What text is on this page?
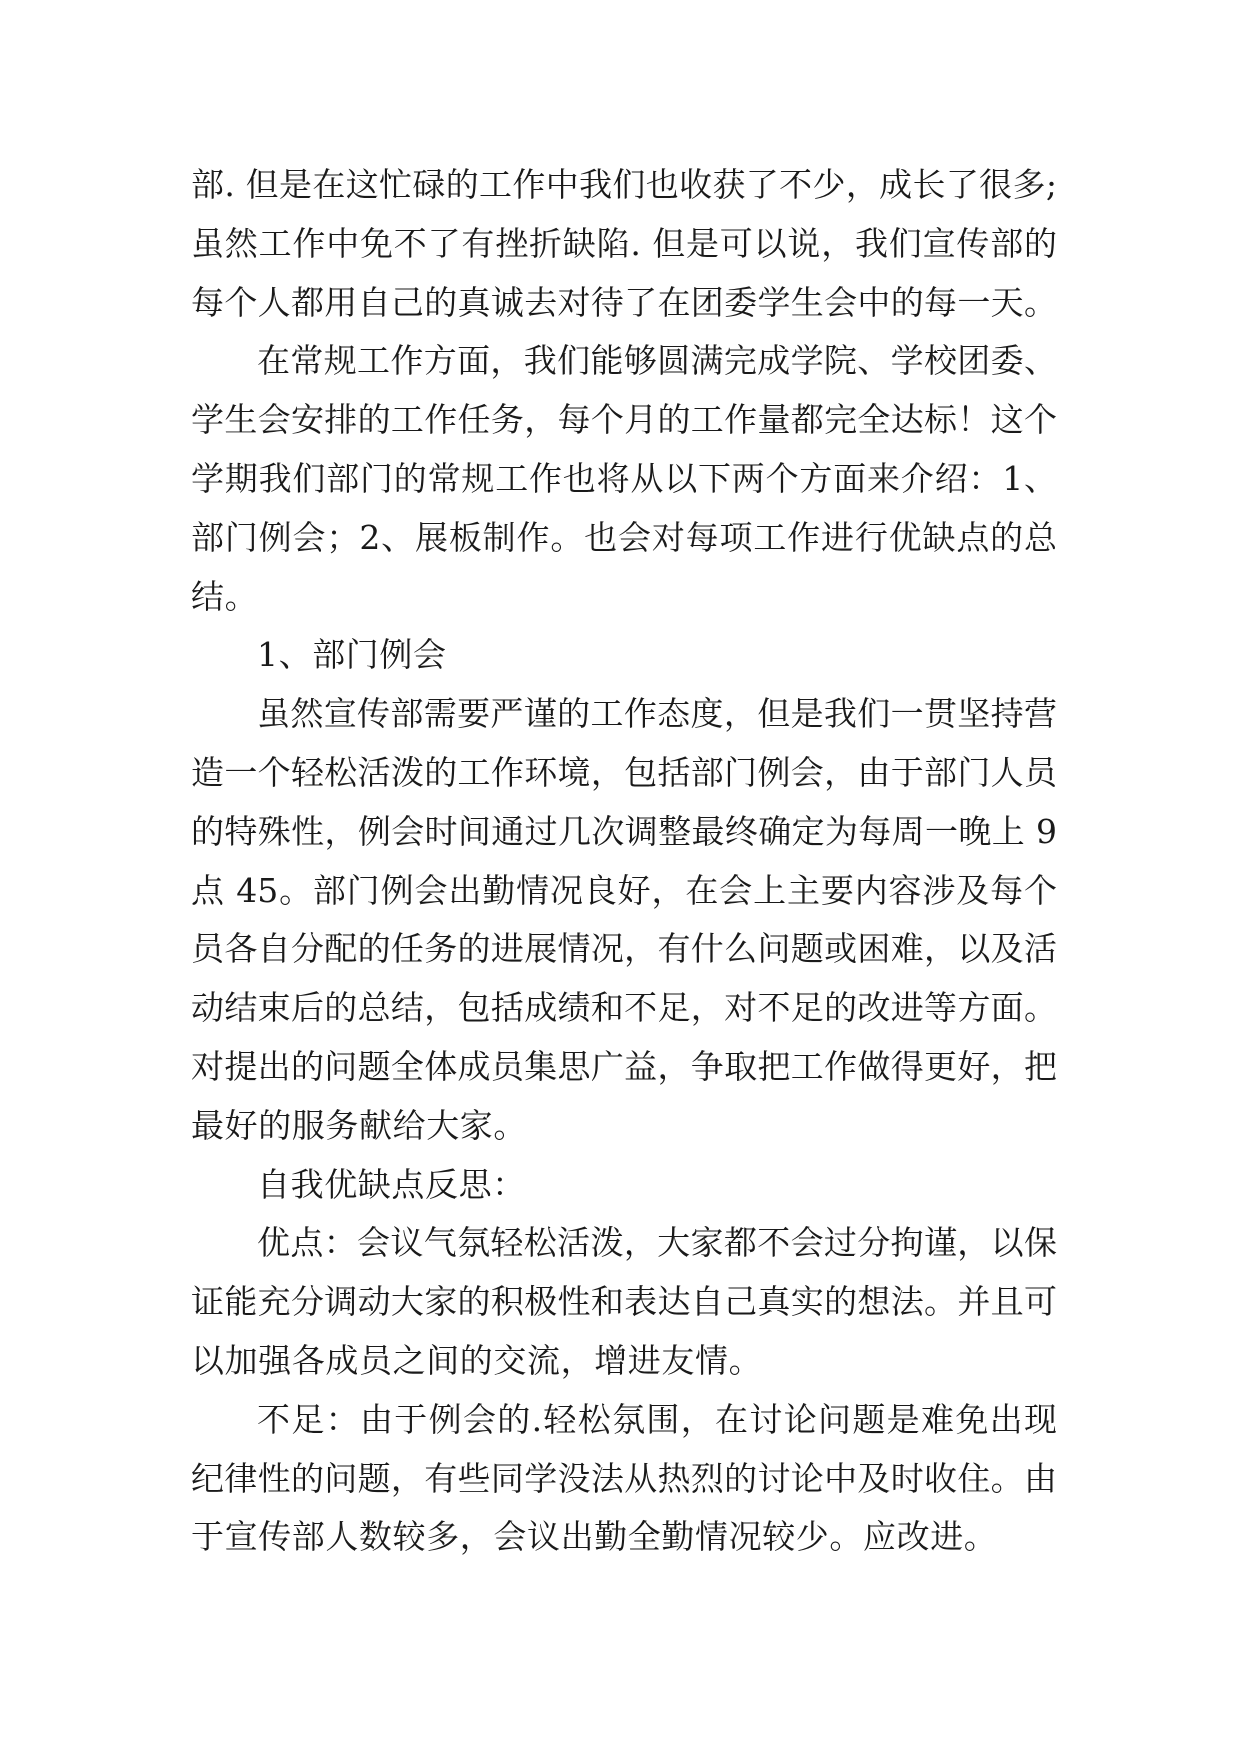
部. 但是在这忙碌的工作中我们也收获了不少，成长了很多;
虽然工作中免不了有挫折缺陷. 但是可以说，我们宣传部的
每个人都用自己的真诚去对待了在团委学生会中的每一天。
在常规工作方面，我们能够圆满完成学院、学校团委、
学生会安排的工作任务，每个月的工作量都完全达标！这个
学期我们部门的常规工作也将从以下两个方面来介绍：1、
部门例会；2、展板制作。也会对每项工作进行优缺点的总
结。
1、部门例会
虽然宣传部需要严谨的工作态度，但是我们一贯坚持营
造一个轻松活泼的工作环境，包括部门例会，由于部门人员
的特殊性，例会时间通过几次调整最终确定为每周一晚上 9
点 45。部门例会出勤情况良好，在会上主要内容涉及每个
员各自分配的任务的进展情况，有什么问题或困难，以及活
动结束后的总结，包括成绩和不足，对不足的改进等方面。
对提出的问题全体成员集思广益，争取把工作做得更好，把
最好的服务献给大家。
自我优缺点反思：
优点：会议气氛轻松活泼，大家都不会过分拘谨，以保
证能充分调动大家的积极性和表达自己真实的想法。并且可
以加强各成员之间的交流，增进友情。
不足：由于例会的.轻松氛围，在讨论问题是难免出现
纪律性的问题，有些同学没法从热烈的讨论中及时收住。由
于宣传部人数较多，会议出勤全勤情况较少。应改进。
